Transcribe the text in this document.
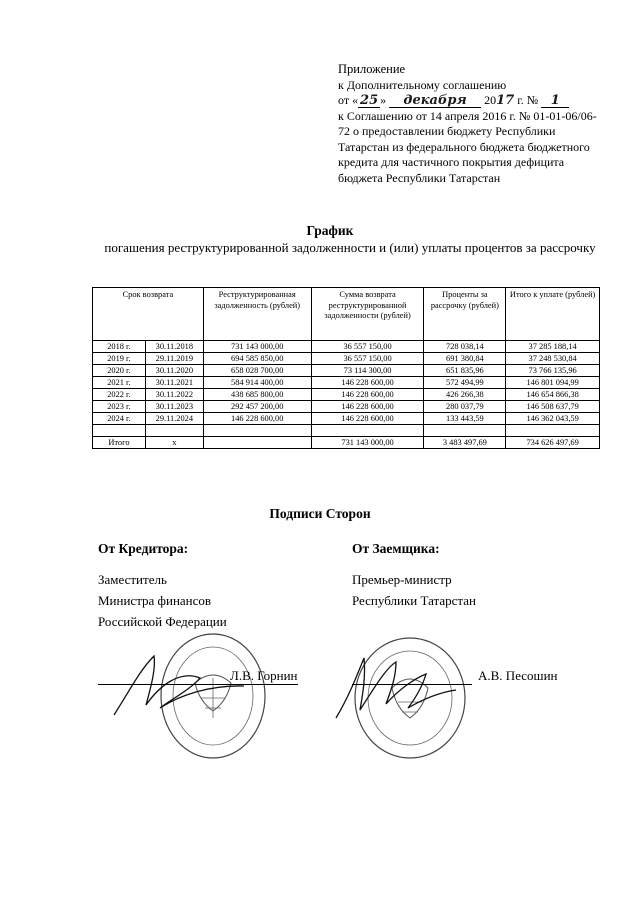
Приложение
к Дополнительному соглашению
от « 25 » декабря 2017 г. № 1
к Соглашению от 14 апреля 2016 г. № 01-01-06/06-72 о предоставлении бюджету Республики Татарстан из федерального бюджета бюджетного кредита для частичного покрытия дефицита бюджета Республики Татарстан
График
погашения реструктурированной задолженности и (или) уплаты процентов за рассрочку
Срок возврата		Реструктурированная задолженность (рублей)	Сумма возврата реструктурированной задолженности (рублей)	Проценты за рассрочку (рублей)	Итого к уплате (рублей)
2018 г.	30.11.2018	731 143 000,00	36 557 150,00	728 038,14	37 285 188,14
2019 г.	29.11.2019	694 585 850,00	36 557 150,00	691 380,84	37 248 530,84
2020 г.	30.11.2020	658 028 700,00	73 114 300,00	651 835,96	73 766 135,96
2021 г.	30.11.2021	584 914 400,00	146 228 600,00	572 494,99	146 801 094,99
2022 г.	30.11.2022	438 685 800,00	146 228 600,00	426 266,38	146 654 866,38
2023 г.	30.11.2023	292 457 200,00	146 228 600,00	280 037,79	146 508 637,79
2024 г.	29.11.2024	146 228 600,00	146 228 600,00	133 443,59	146 362 043,59

Итого	x		731 143 000,00	3 483 497,69	734 626 497,69
Подписи Сторон
От Кредитора:	От Заемщика:
Заместитель
Министра финансов
Российской Федерации
Премьер-министр
Республики Татарстан
Л.В. Горнин	А.В. Песошин
